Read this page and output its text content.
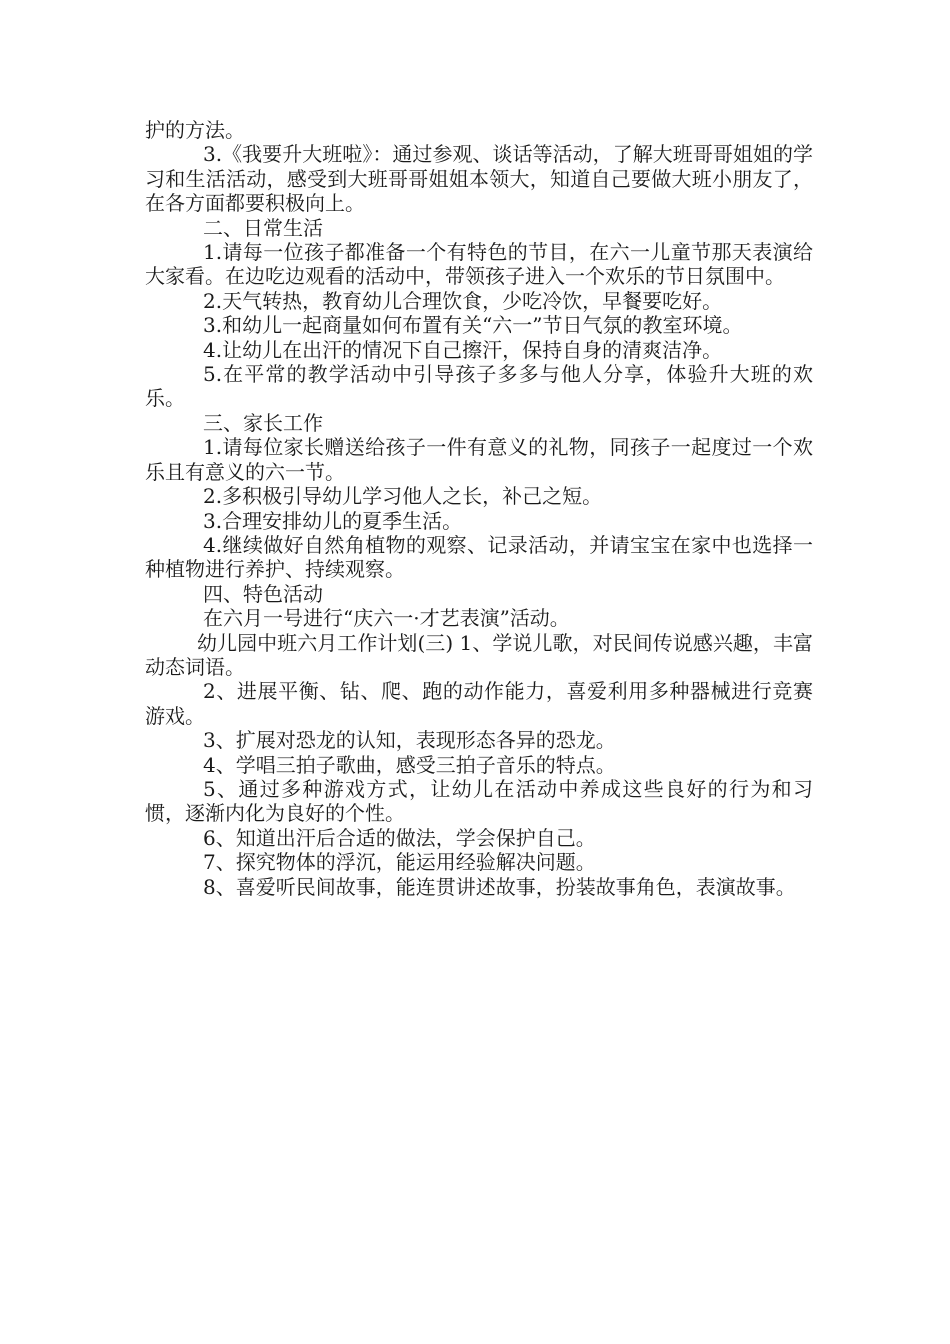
护的方法。

3.《我要升大班啦》：通过参观、谈话等活动，了解大班哥哥姐姐的学习和生活活动，感受到大班哥哥姐姐本领大，知道自己要做大班小朋友了，在各方面都要积极向上。

二、日常生活

1.请每一位孩子都准备一个有特色的节目，在六一儿童节那天表演给大家看。在边吃边观看的活动中，带领孩子进入一个欢乐的节日氛围中。

2.天气转热，教育幼儿合理饮食，少吃冷饮，早餐要吃好。

3.和幼儿一起商量如何布置有关“六一”节日气氛的教室环境。

4.让幼儿在出汗的情况下自己擦汗，保持自身的清爽洁净。

5.在平常的教学活动中引导孩子多多与他人分享，体验升大班的欢乐。

三、家长工作

1.请每位家长赠送给孩子一件有意义的礼物，同孩子一起度过一个欢乐且有意义的六一节。

2.多积极引导幼儿学习他人之长，补己之短。

3.合理安排幼儿的夏季生活。

4.继续做好自然角植物的观察、记录活动，并请宝宝在家中也选择一种植物进行养护、持续观察。

四、特色活动

在六月一号进行“庆六一·才艺表演”活动。

幼儿园中班六月工作计划(三) 1、学说儿歌，对民间传说感兴趣，丰富动态词语。

2、进展平衡、钻、爬、跑的动作能力，喜爱利用多种器械进行竞赛游戏。

3、扩展对恐龙的认知，表现形态各异的恐龙。

4、学唱三拍子歌曲，感受三拍子音乐的特点。

5、通过多种游戏方式，让幼儿在活动中养成这些良好的行为和习惯，逐渐内化为良好的个性。

6、知道出汗后合适的做法，学会保护自己。

7、探究物体的浮沉，能运用经验解决问题。

8、喜爱听民间故事，能连贯讲述故事，扮装故事角色，表演故事。
